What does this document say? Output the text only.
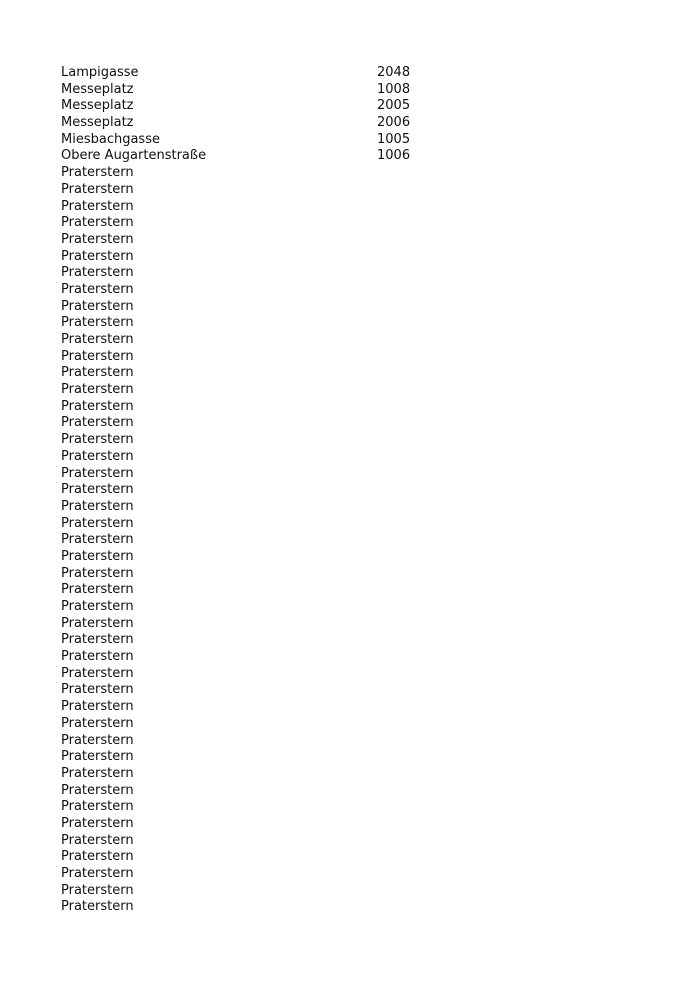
Lampigasse	2048
Messeplatz	1008
Messeplatz	2005
Messeplatz	2006
Miesbachgasse	1005
Obere Augartenstraße	1006
Praterstern
Praterstern
Praterstern
Praterstern
Praterstern
Praterstern
Praterstern
Praterstern
Praterstern
Praterstern
Praterstern
Praterstern
Praterstern
Praterstern
Praterstern
Praterstern
Praterstern
Praterstern
Praterstern
Praterstern
Praterstern
Praterstern
Praterstern
Praterstern
Praterstern
Praterstern
Praterstern
Praterstern
Praterstern
Praterstern
Praterstern
Praterstern
Praterstern
Praterstern
Praterstern
Praterstern
Praterstern
Praterstern
Praterstern
Praterstern
Praterstern
Praterstern
Praterstern
Praterstern
Praterstern
